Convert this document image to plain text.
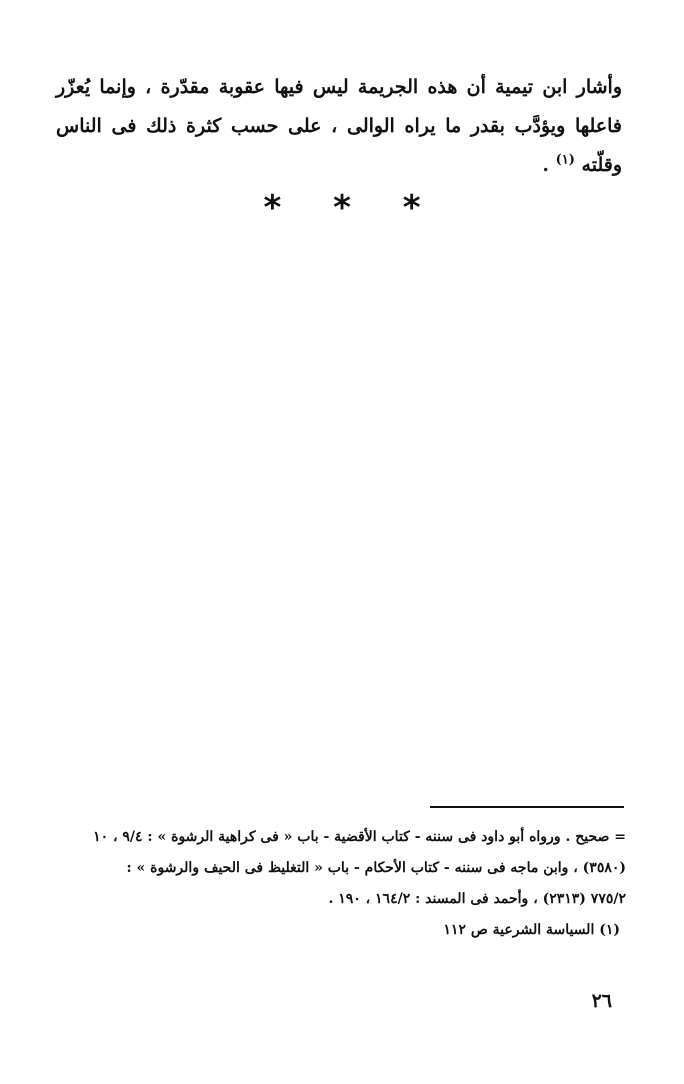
وأشار ابن تيمية أن هذه الجريمة ليس فيها عقوبة مقدّرة ، وإنما يُعزّر فاعلها ويؤدَّب بقدر ما يراه الوالى ، على حسب كثرة ذلك فى الناس وقلّته $^{(١)}$ .

* * *
= صحيح . ورواه أبو داود فى سننه - كتاب الأقضية - باب « فى كراهية الرشوة » : ٩/٤ ، ١٠
(٣٥٨٠) ، وابن ماجه فى سننه - كتاب الأحكام - باب « التغليظ فى الحيف والرشوة » :
٧٧٥/٢ (٢٣١٣) ، وأحمد فى المسند : ١٦٤/٢ ، ١٩٠ .
(١) السياسة الشرعية ص ١١٢
٢٦
